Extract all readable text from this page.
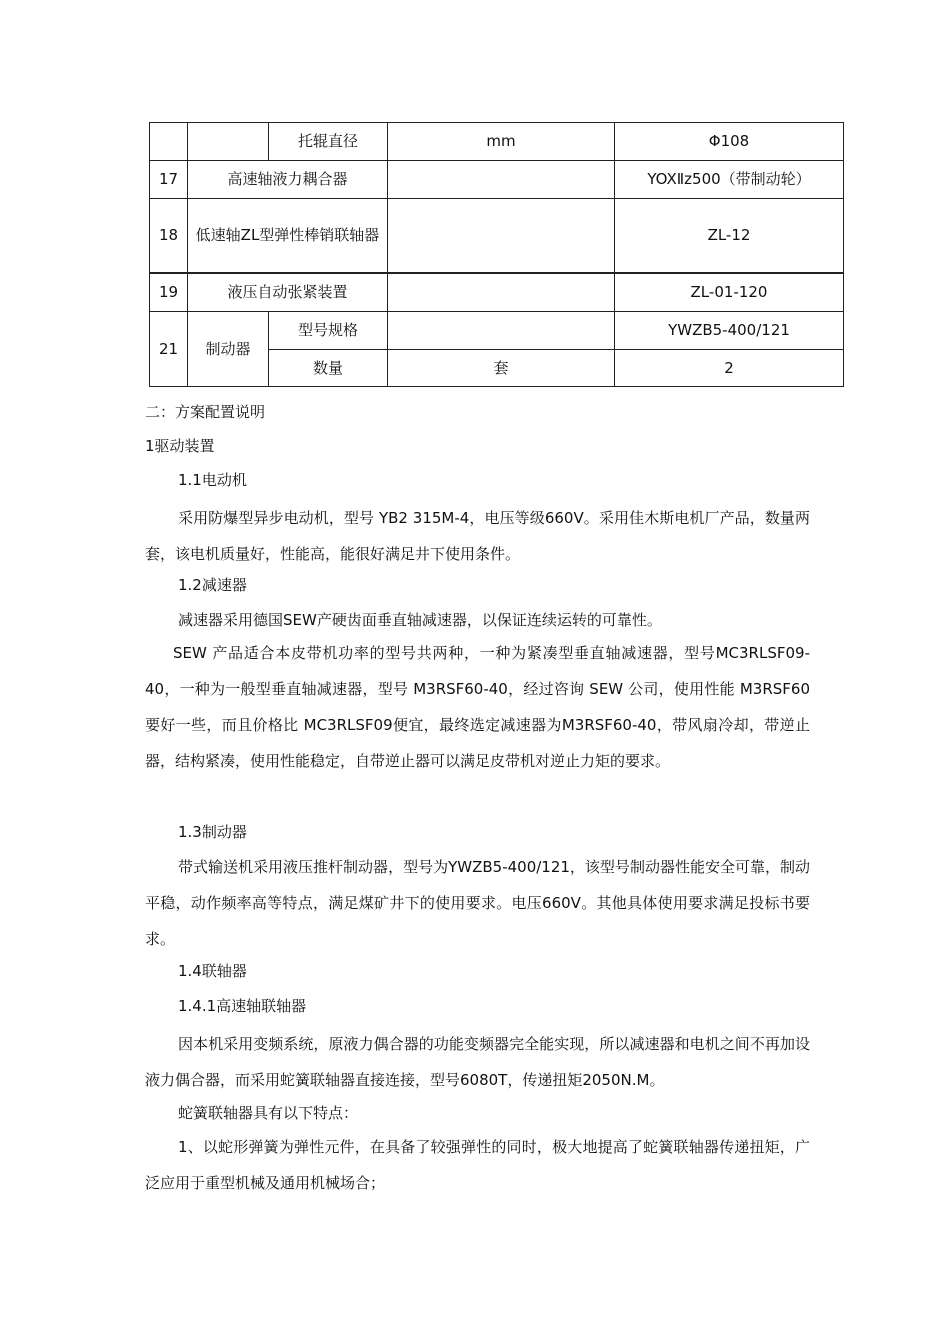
		托辊直径	mm	Φ108
17	高速轴液力耦合器			YOXⅡz500（带制动轮）
18	低速轴ZL型弹性棒销联轴器			ZL-12
19	液压自动张紧装置			ZL-01-120
21	制动器	型号规格		YWZB5-400/121
		数量	套	2
二：方案配置说明
1驱动装置
1.1电动机
采用防爆型异步电动机，型号 YB2 315M-4，电压等级660V。采用佳木斯电机厂产品，数量两套，该电机质量好，性能高，能很好满足井下使用条件。
1.2减速器
减速器采用德国SEW产硬齿面垂直轴减速器，以保证连续运转的可靠性。
SEW 产品适合本皮带机功率的型号共两种，一种为紧凑型垂直轴减速器，型号MC3RLSF09-40，一种为一般型垂直轴减速器，型号 M3RSF60-40，经过咨询 SEW 公司，使用性能 M3RSF60要好一些，而且价格比 MC3RLSF09便宜，最终选定减速器为M3RSF60-40，带风扇冷却，带逆止器，结构紧凑，使用性能稳定，自带逆止器可以满足皮带机对逆止力矩的要求。
1.3制动器
带式输送机采用液压推杆制动器，型号为YWZB5-400/121，该型号制动器性能安全可靠，制动平稳，动作频率高等特点，满足煤矿井下的使用要求。电压660V。其他具体使用要求满足投标书要求。
1.4联轴器
1.4.1高速轴联轴器
因本机采用变频系统，原液力偶合器的功能变频器完全能实现，所以减速器和电机之间不再加设液力偶合器，而采用蛇簧联轴器直接连接，型号6080T，传递扭矩2050N.M。
蛇簧联轴器具有以下特点：
1、以蛇形弹簧为弹性元件，在具备了较强弹性的同时，极大地提高了蛇簧联轴器传递扭矩，广泛应用于重型机械及通用机械场合；
